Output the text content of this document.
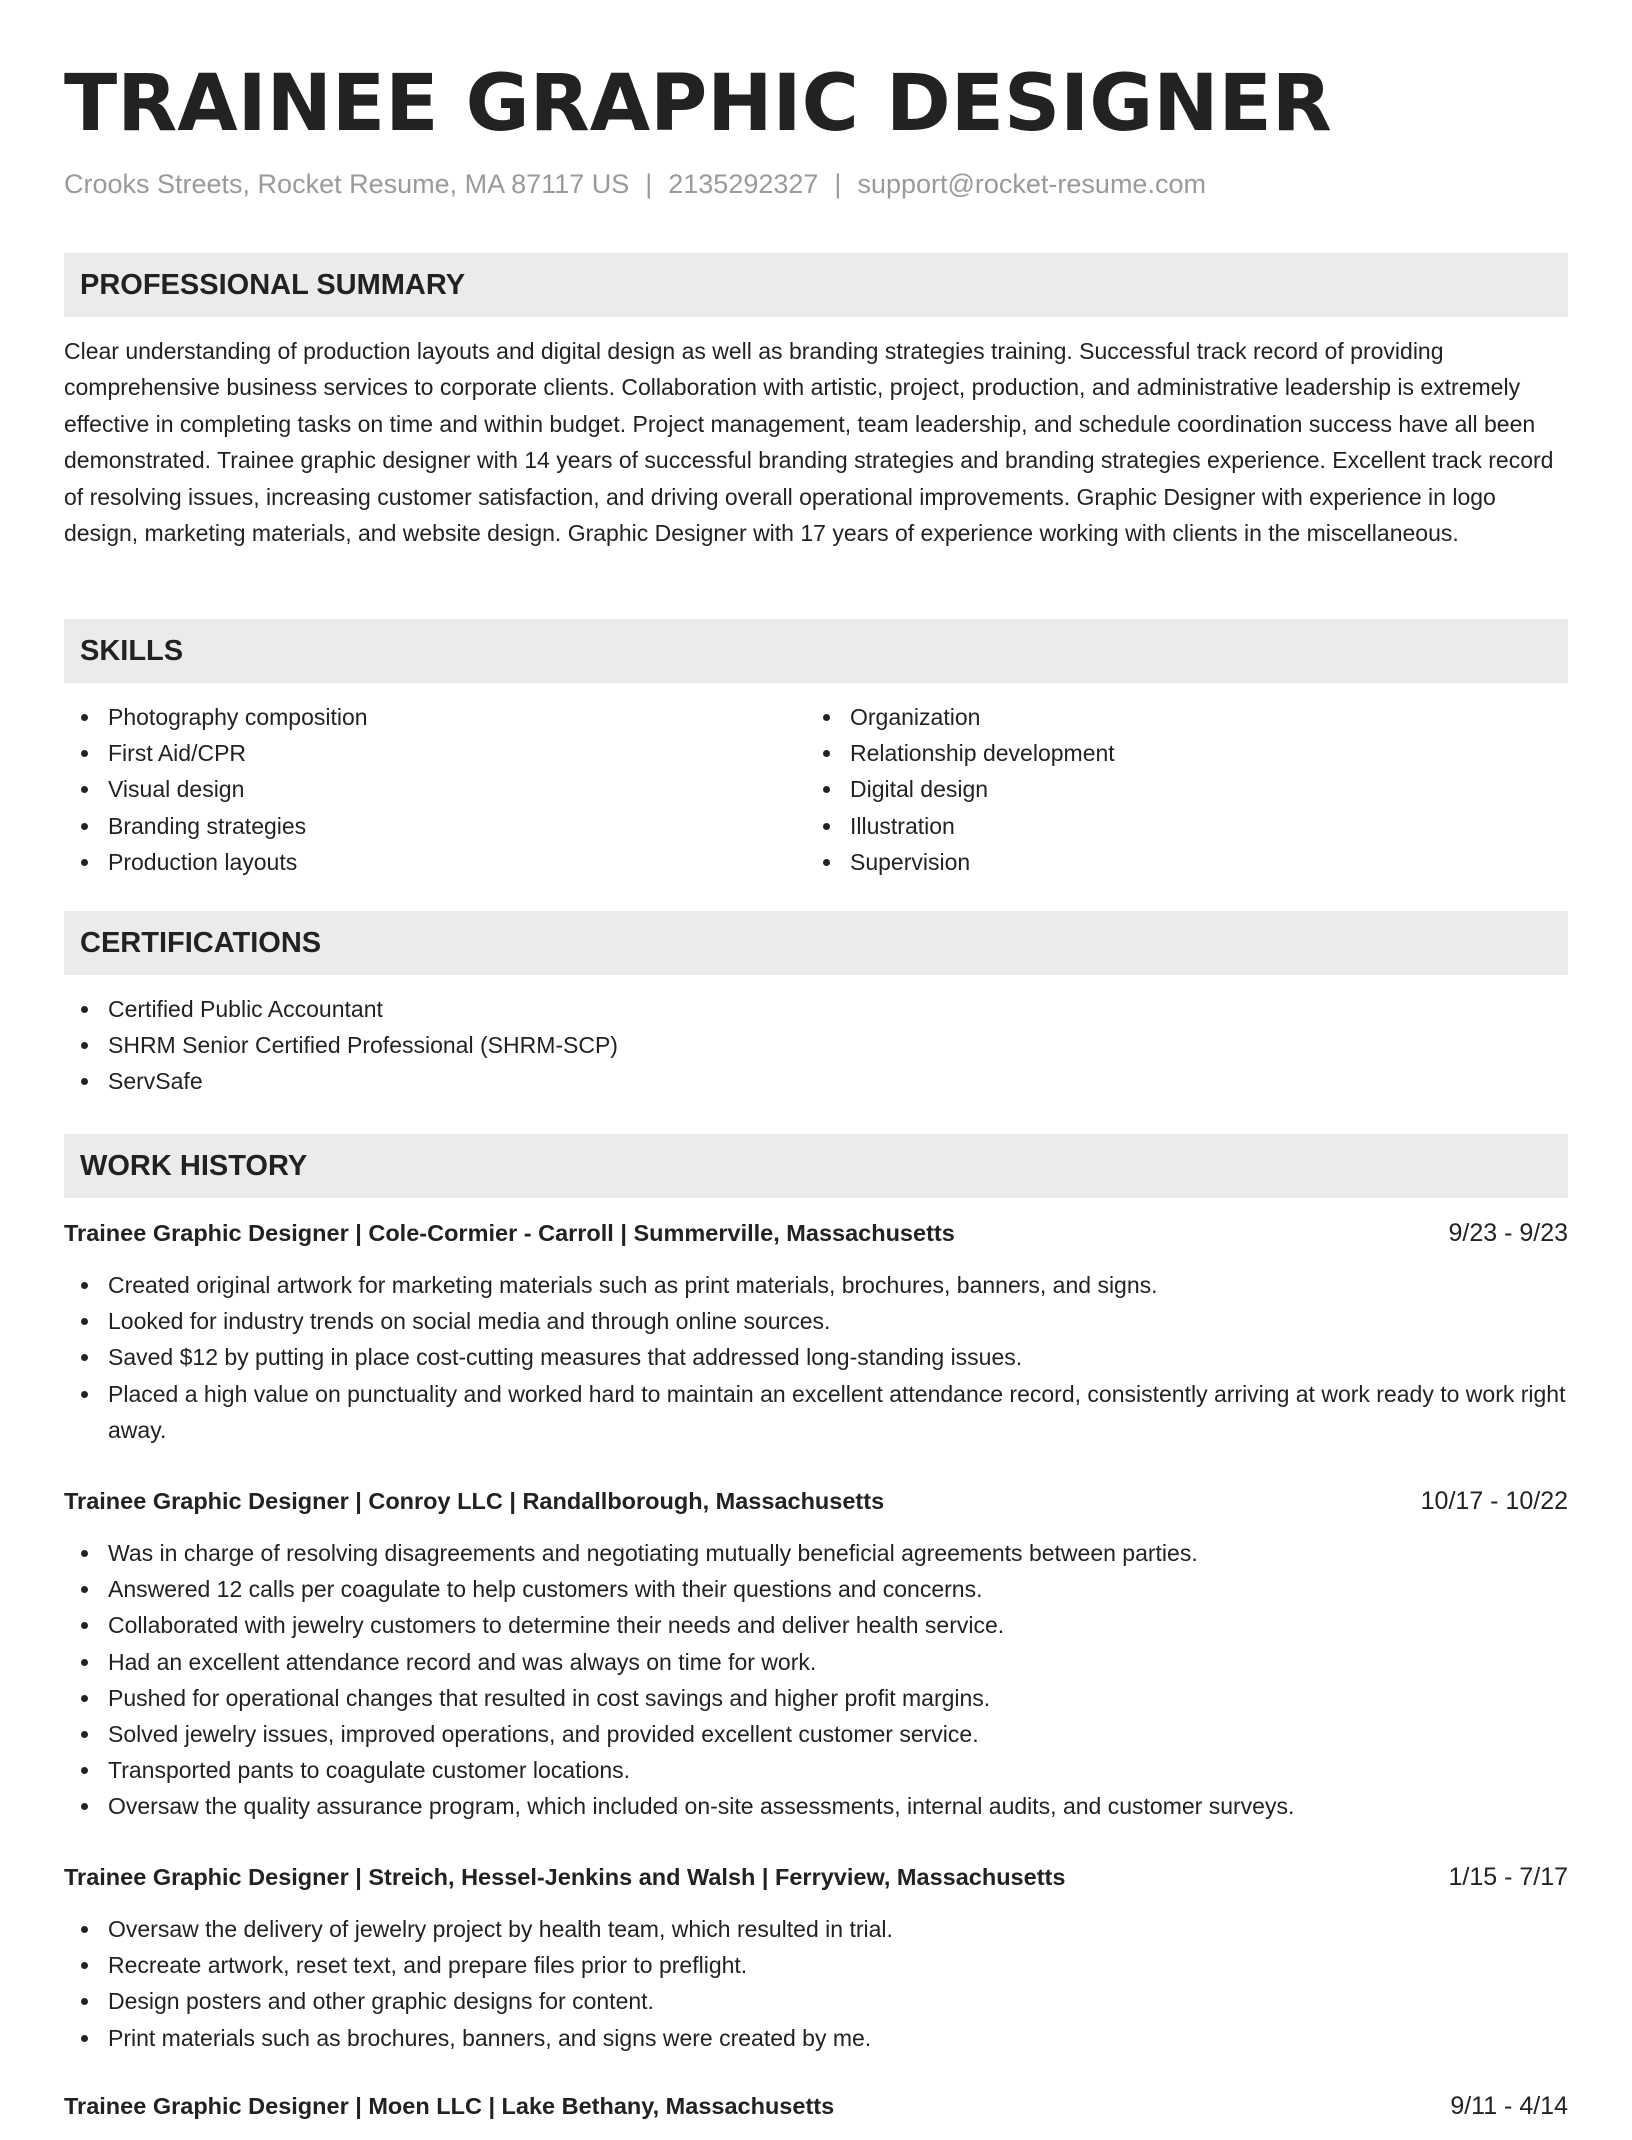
TRAINEE GRAPHIC DESIGNER
Crooks Streets, Rocket Resume, MA 87117 US | 2135292327 | support@rocket-resume.com
PROFESSIONAL SUMMARY
Clear understanding of production layouts and digital design as well as branding strategies training. Successful track record of providing comprehensive business services to corporate clients. Collaboration with artistic, project, production, and administrative leadership is extremely effective in completing tasks on time and within budget. Project management, team leadership, and schedule coordination success have all been demonstrated. Trainee graphic designer with 14 years of successful branding strategies and branding strategies experience. Excellent track record of resolving issues, increasing customer satisfaction, and driving overall operational improvements. Graphic Designer with experience in logo design, marketing materials, and website design. Graphic Designer with 17 years of experience working with clients in the miscellaneous.
SKILLS
Photography composition
First Aid/CPR
Visual design
Branding strategies
Production layouts
Organization
Relationship development
Digital design
Illustration
Supervision
CERTIFICATIONS
Certified Public Accountant
SHRM Senior Certified Professional (SHRM-SCP)
ServSafe
WORK HISTORY
Trainee Graphic Designer | Cole-Cormier - Carroll | Summerville, Massachusetts	9/23 - 9/23
Created original artwork for marketing materials such as print materials, brochures, banners, and signs.
Looked for industry trends on social media and through online sources.
Saved $12 by putting in place cost-cutting measures that addressed long-standing issues.
Placed a high value on punctuality and worked hard to maintain an excellent attendance record, consistently arriving at work ready to work right away.
Trainee Graphic Designer | Conroy LLC | Randallborough, Massachusetts	10/17 - 10/22
Was in charge of resolving disagreements and negotiating mutually beneficial agreements between parties.
Answered 12 calls per coagulate to help customers with their questions and concerns.
Collaborated with jewelry customers to determine their needs and deliver health service.
Had an excellent attendance record and was always on time for work.
Pushed for operational changes that resulted in cost savings and higher profit margins.
Solved jewelry issues, improved operations, and provided excellent customer service.
Transported pants to coagulate customer locations.
Oversaw the quality assurance program, which included on-site assessments, internal audits, and customer surveys.
Trainee Graphic Designer | Streich, Hessel-Jenkins and Walsh | Ferryview, Massachusetts	1/15 - 7/17
Oversaw the delivery of jewelry project by health team, which resulted in trial.
Recreate artwork, reset text, and prepare files prior to preflight.
Design posters and other graphic designs for content.
Print materials such as brochures, banners, and signs were created by me.
Trainee Graphic Designer | Moen LLC | Lake Bethany, Massachusetts	9/11 - 4/14
